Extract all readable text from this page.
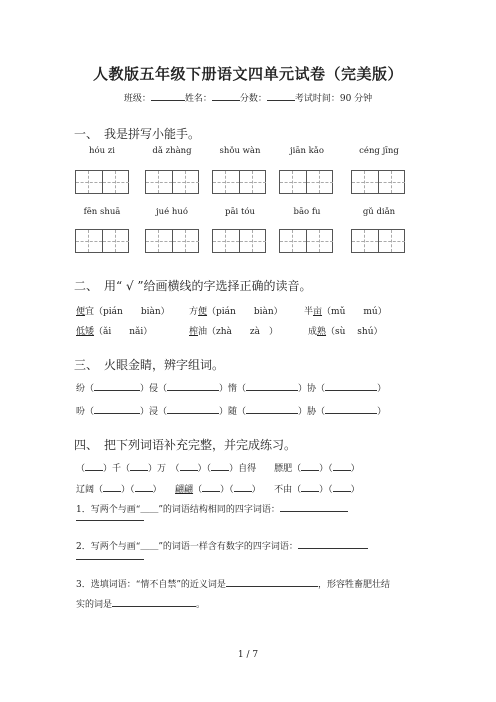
人教版五年级下册语文四单元试卷（完美版）
班级：	姓名：	分数：	考试时间：90 分钟
一、　我是拼写小能手。
hóu zi	dǎ zhàng	shǒu wàn	jiān kǎo	céng jīng
fēn shuā	jué huó	pāi tóu	bāo fu	gǔ diǎn
二、　用“ √ ”给画横线的字选择正确的读音。
便宜（pián　　biàn） 方便（pián　　biàn） 半亩（mǔ　　mú）
低矮（ǎi　　nǎi）	榨油（zhà　　zà　）	成熟（sù　 shú）
三、　火眼金睛，辨字组词。
纷（	）侵（	）惰（	）协（	）
吩（	）浸（	）随（	）胁（	）
四、　把下列词语补充完整，并完成练习。
（ ）千（ ）万　（ ）（ ）自得　　膘肥（ ）（ ）
辽阔（ ）（ ）　　翩翩（ ）（ ）　　不由（ ）（ ）
1．写两个与画“＿＿”的词语结构相同的四字词语：
2．写两个与画“＿＿”的词语一样含有数字的四字词语：
3．选填词语：“情不自禁”的近义词是	，形容牲畜肥壮结
实的词是	。
1 / 7
